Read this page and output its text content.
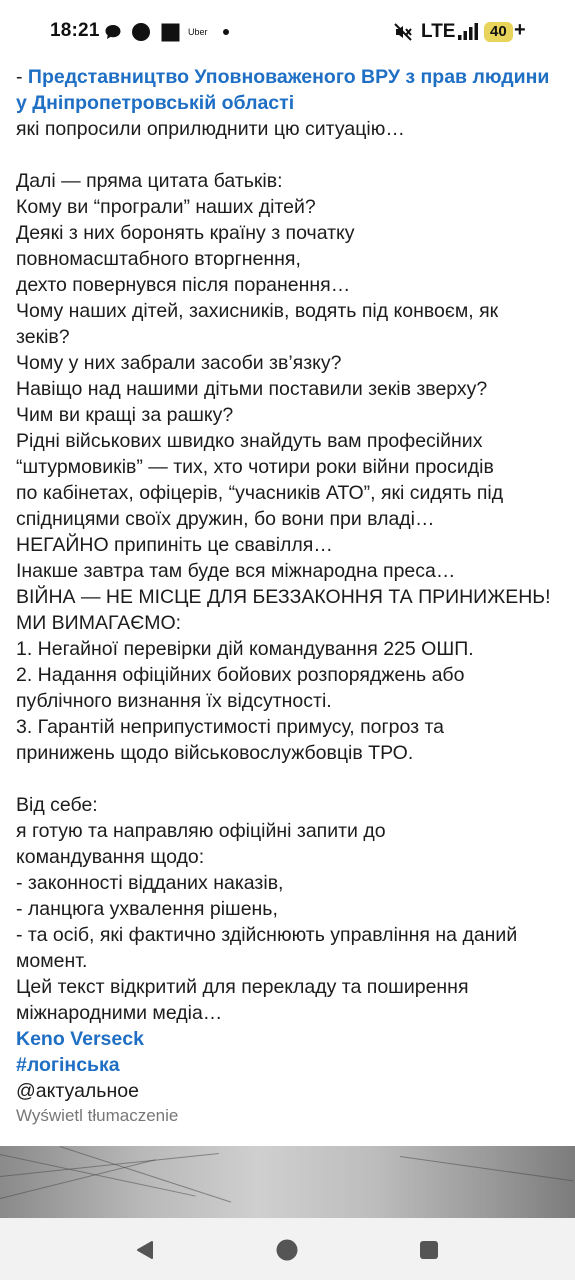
18:21	Uber	LTE	40 +
- Представництво Уповноваженого ВРУ з прав людини
у Дніпропетровській області
які попросили оприлюднити цю ситуацію…
Далі — пряма цитата батьків:
Кому ви “програли” наших дітей?
Деякі з них боронять країну з початку
повномасштабного вторгнення,
дехто повернувся після поранення…
Чому наших дітей, захисників, водять під конвоєм, як
зеків?
Чому у них забрали засоби зв’язку?
Навіщо над нашими дітьми поставили зеків зверху?
Чим ви кращі за рашку?
Рідні військових швидко знайдуть вам професійних
“штурмовиків” — тих, хто чотири роки війни просидів
по кабінетах, офіцерів, “учасників АТО”, які сидять під
спідницями своїх дружин, бо вони при владі…
НЕГАЙНО припиніть це свавілля…
Інакше завтра там буде вся міжнародна преса…
ВІЙНА — НЕ МІСЦЕ ДЛЯ БЕЗЗАКОННЯ ТА ПРИНИЖЕНЬ!
МИ ВИМАГАЄМО:
1. Негайної перевірки дій командування 225 ОШП.
2. Надання офіційних бойових розпоряджень або
публічного визнання їх відсутності.
3. Гарантій неприпустимості примусу, погроз та
принижень щодо військовослужбовців ТРО.
Від себе:
я готую та направляю офіційні запити до
командування щодо:
- законності відданих наказів,
- ланцюга ухвалення рішень,
- та осіб, які фактично здійснюють управління на даний
момент.
Цей текст відкритий для перекладу та поширення
міжнародними медіа…
Keno Verseck
#логінська
@актуальное
Wyświetl tłumaczenie
